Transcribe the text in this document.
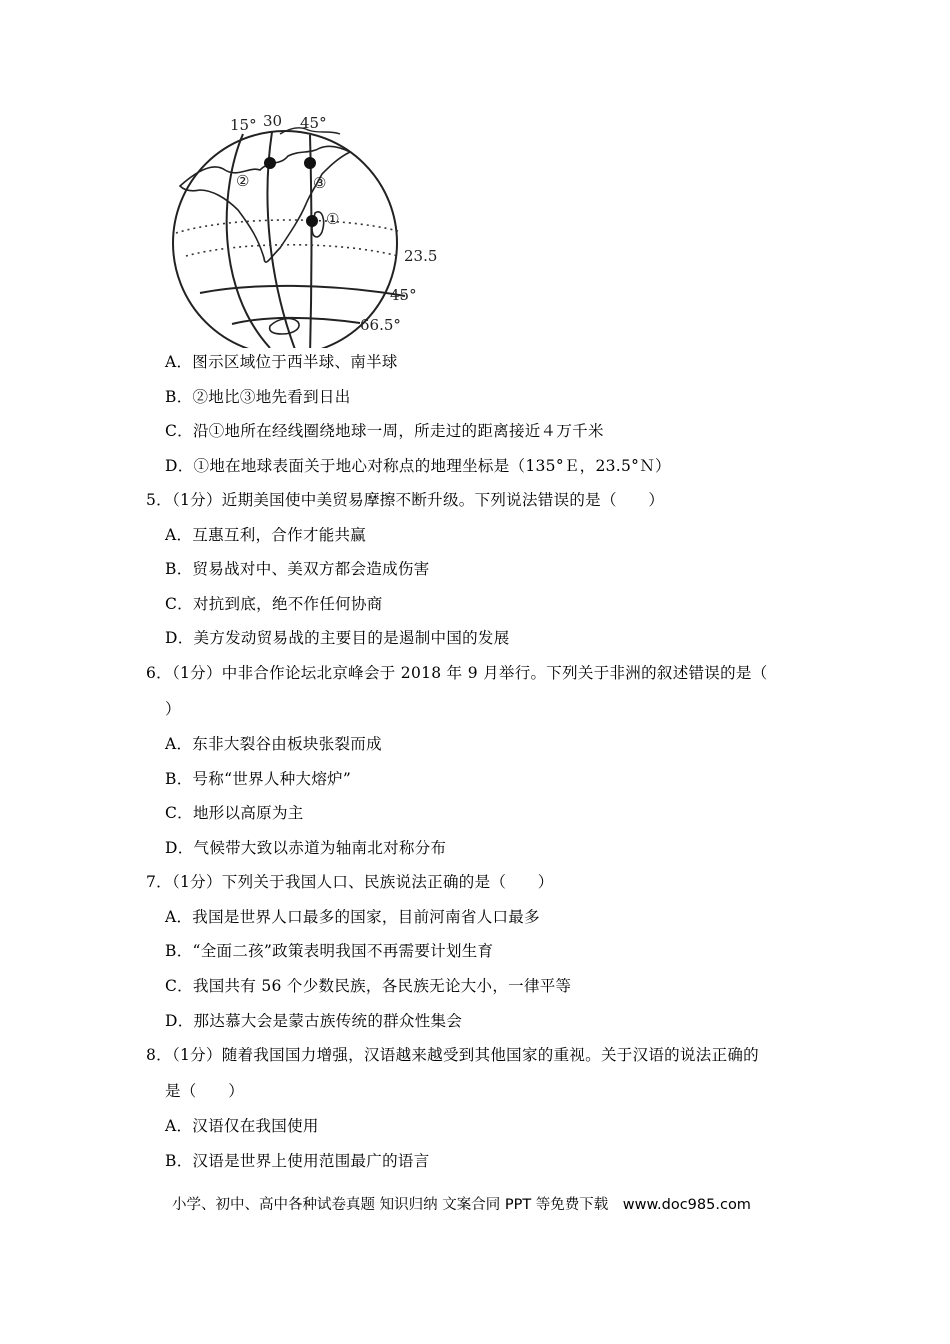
15° 30 45°
23.5
45°
66.5°
①
②	③
A．图示区域位于西半球、南半球
B．②地比③地先看到日出
C．沿①地所在经线圈绕地球一周，所走过的距离接近４万千米
D．①地在地球表面关于地心对称点的地理坐标是（135°Ｅ，23.5°Ｎ）
5．（1分）近期美国使中美贸易摩擦不断升级。下列说法错误的是（　　）
A．互惠互利，合作才能共赢
B．贸易战对中、美双方都会造成伤害
C．对抗到底，绝不作任何协商
D．美方发动贸易战的主要目的是遏制中国的发展
6．（1分）中非合作论坛北京峰会于 2018 年 9 月举行。下列关于非洲的叙述错误的是（
）
A．东非大裂谷由板块张裂而成
B．号称“世界人种大熔炉”
C．地形以高原为主
D．气候带大致以赤道为轴南北对称分布
7．（1分）下列关于我国人口、民族说法正确的是（　　）
A．我国是世界人口最多的国家，目前河南省人口最多
B．“全面二孩”政策表明我国不再需要计划生育
C．我国共有 56 个少数民族，各民族无论大小，一律平等
D．那达慕大会是蒙古族传统的群众性集会
8．（1分）随着我国国力增强，汉语越来越受到其他国家的重视。关于汉语的说法正确的
是（　　）
A．汉语仅在我国使用
B．汉语是世界上使用范围最广的语言
小学、初中、高中各种试卷真题 知识归纳 文案合同 PPT 等免费下载　www.doc985.com
